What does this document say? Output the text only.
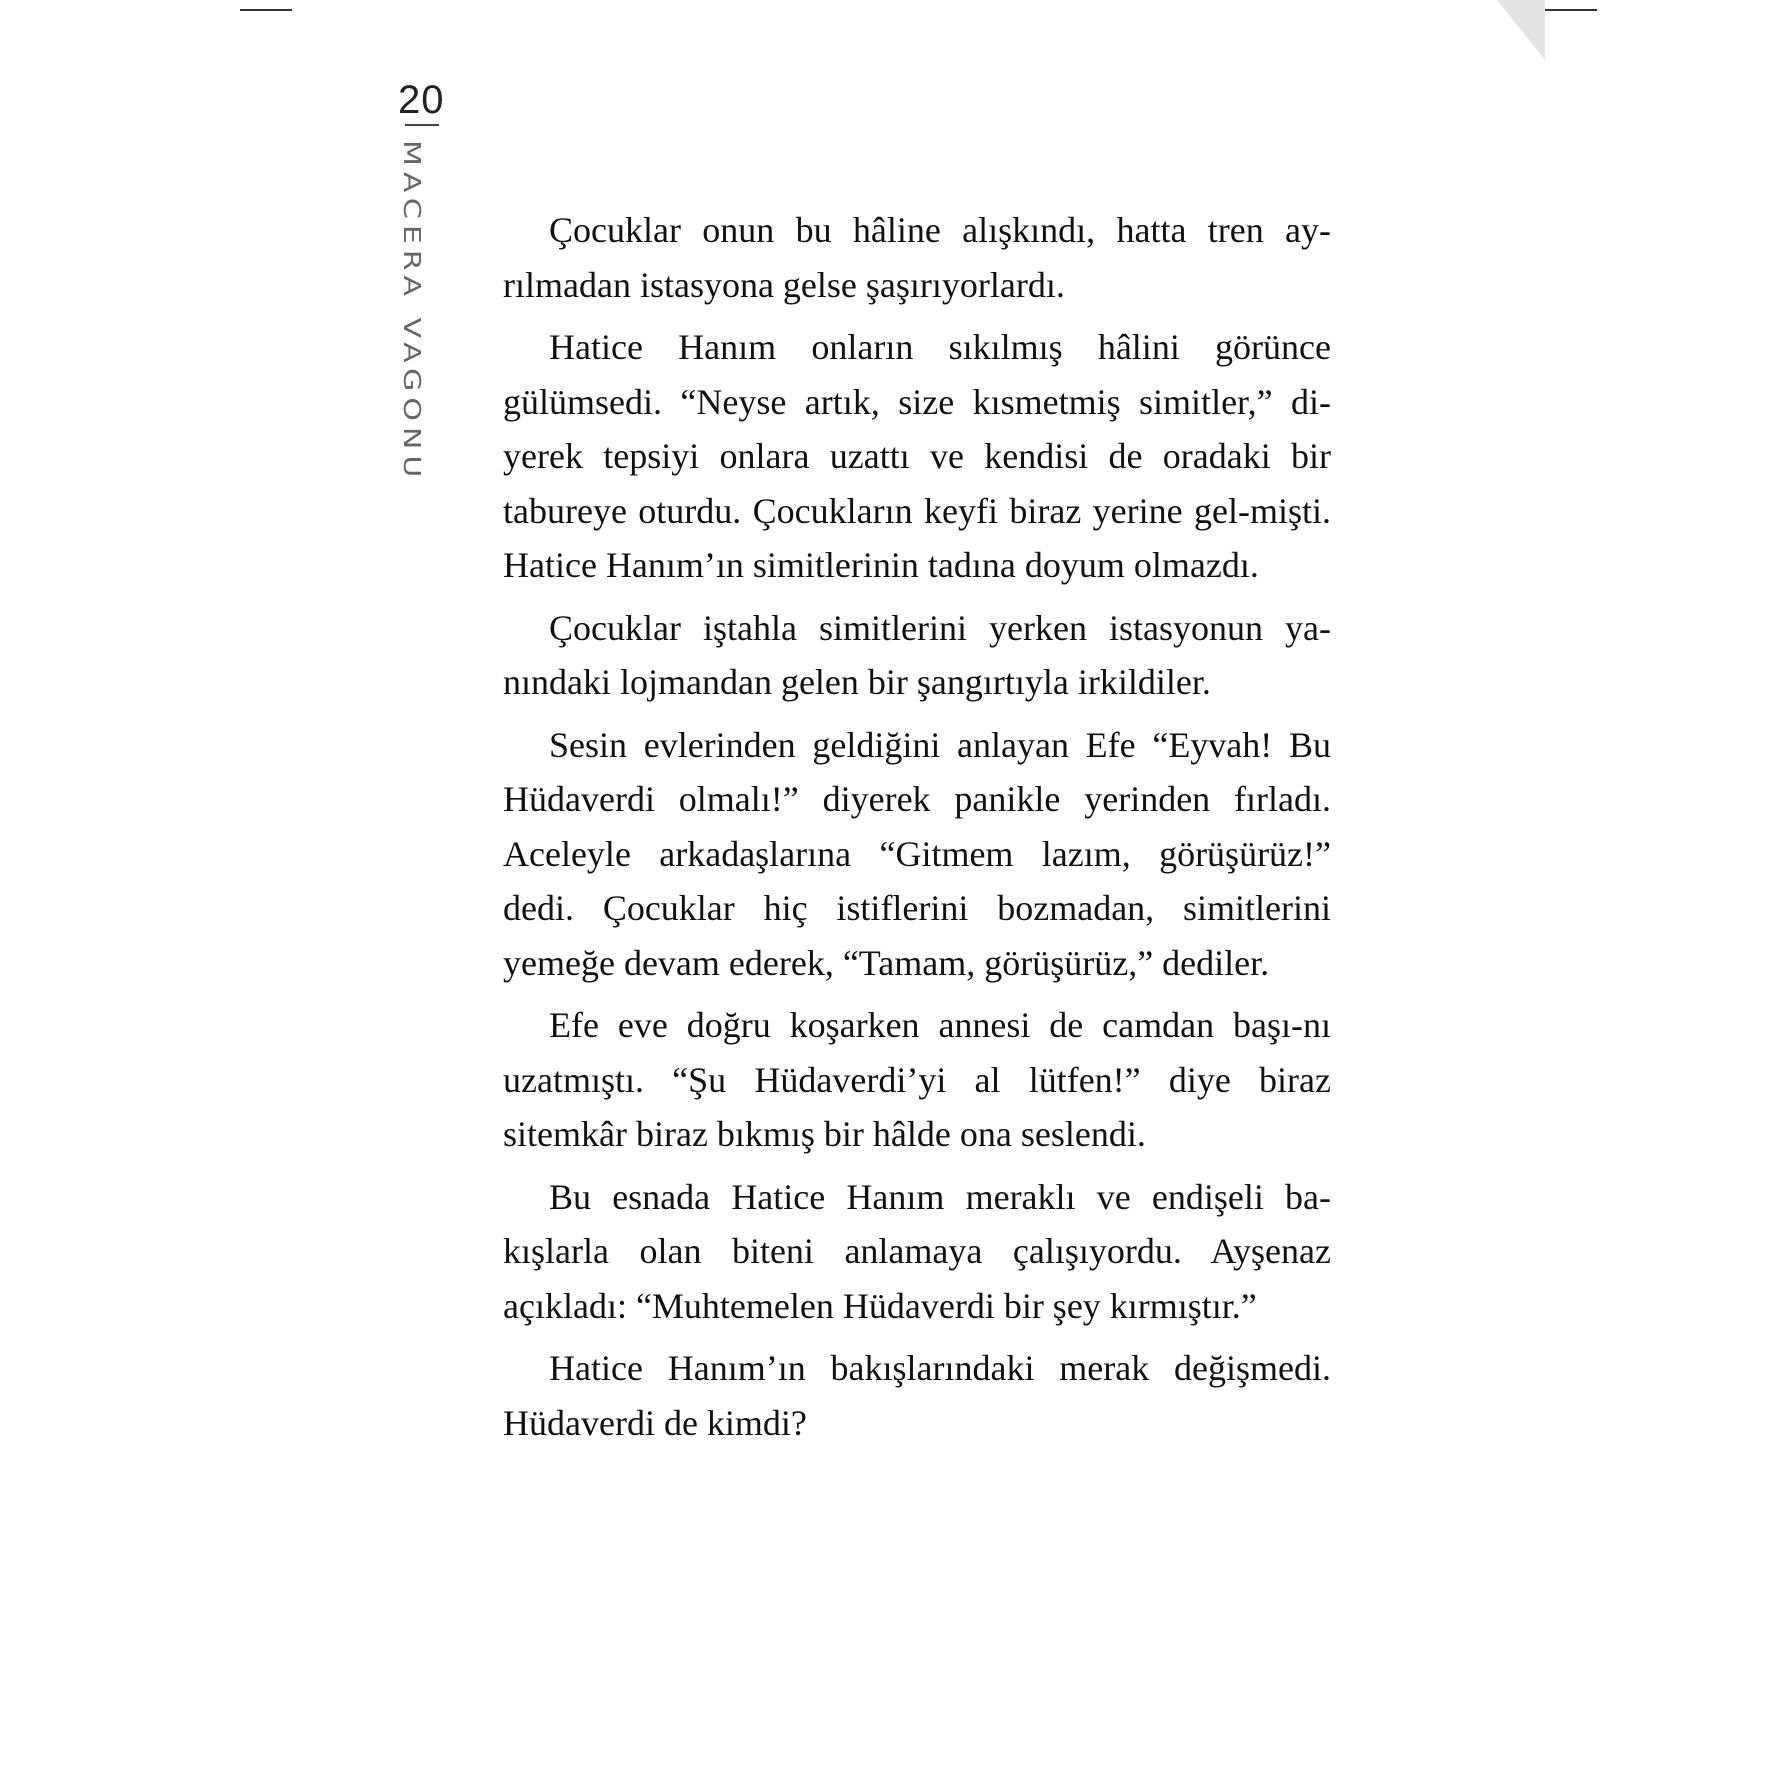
20
MACERA VAGONU	Çocuklar onun bu hâline alışkındı, hatta tren ay-rılmadan istasyona gelse şaşırıyorlardı.

Hatice Hanım onların sıkılmış hâlini görünce gülümsedi. “Neyse artık, size kısmetmiş simitler,” di-yerek tepsiyi onlara uzattı ve kendisi de oradaki bir tabureye oturdu. Çocukların keyfi biraz yerine gel-mişti. Hatice Hanım’ın simitlerinin tadına doyum olmazdı.

Çocuklar iştahla simitlerini yerken istasyonun ya-nındaki lojmandan gelen bir şangırtıyla irkildiler.

Sesin evlerinden geldiğini anlayan Efe “Eyvah! Bu Hüdaverdi olmalı!” diyerek panikle yerinden fırladı. Aceleyle arkadaşlarına “Gitmem lazım, görüşürüz!” dedi. Çocuklar hiç istiflerini bozmadan, simitlerini yemeğe devam ederek, “Tamam, görüşürüz,” dediler.

Efe eve doğru koşarken annesi de camdan başı-nı uzatmıştı. “Şu Hüdaverdi’yi al lütfen!” diye biraz sitemkâr biraz bıkmış bir hâlde ona seslendi.

Bu esnada Hatice Hanım meraklı ve endişeli ba-kışlarla olan biteni anlamaya çalışıyordu. Ayşenaz açıkladı: “Muhtemelen Hüdaverdi bir şey kırmıştır.”

Hatice Hanım’ın bakışlarındaki merak değişmedi. Hüdaverdi de kimdi?
